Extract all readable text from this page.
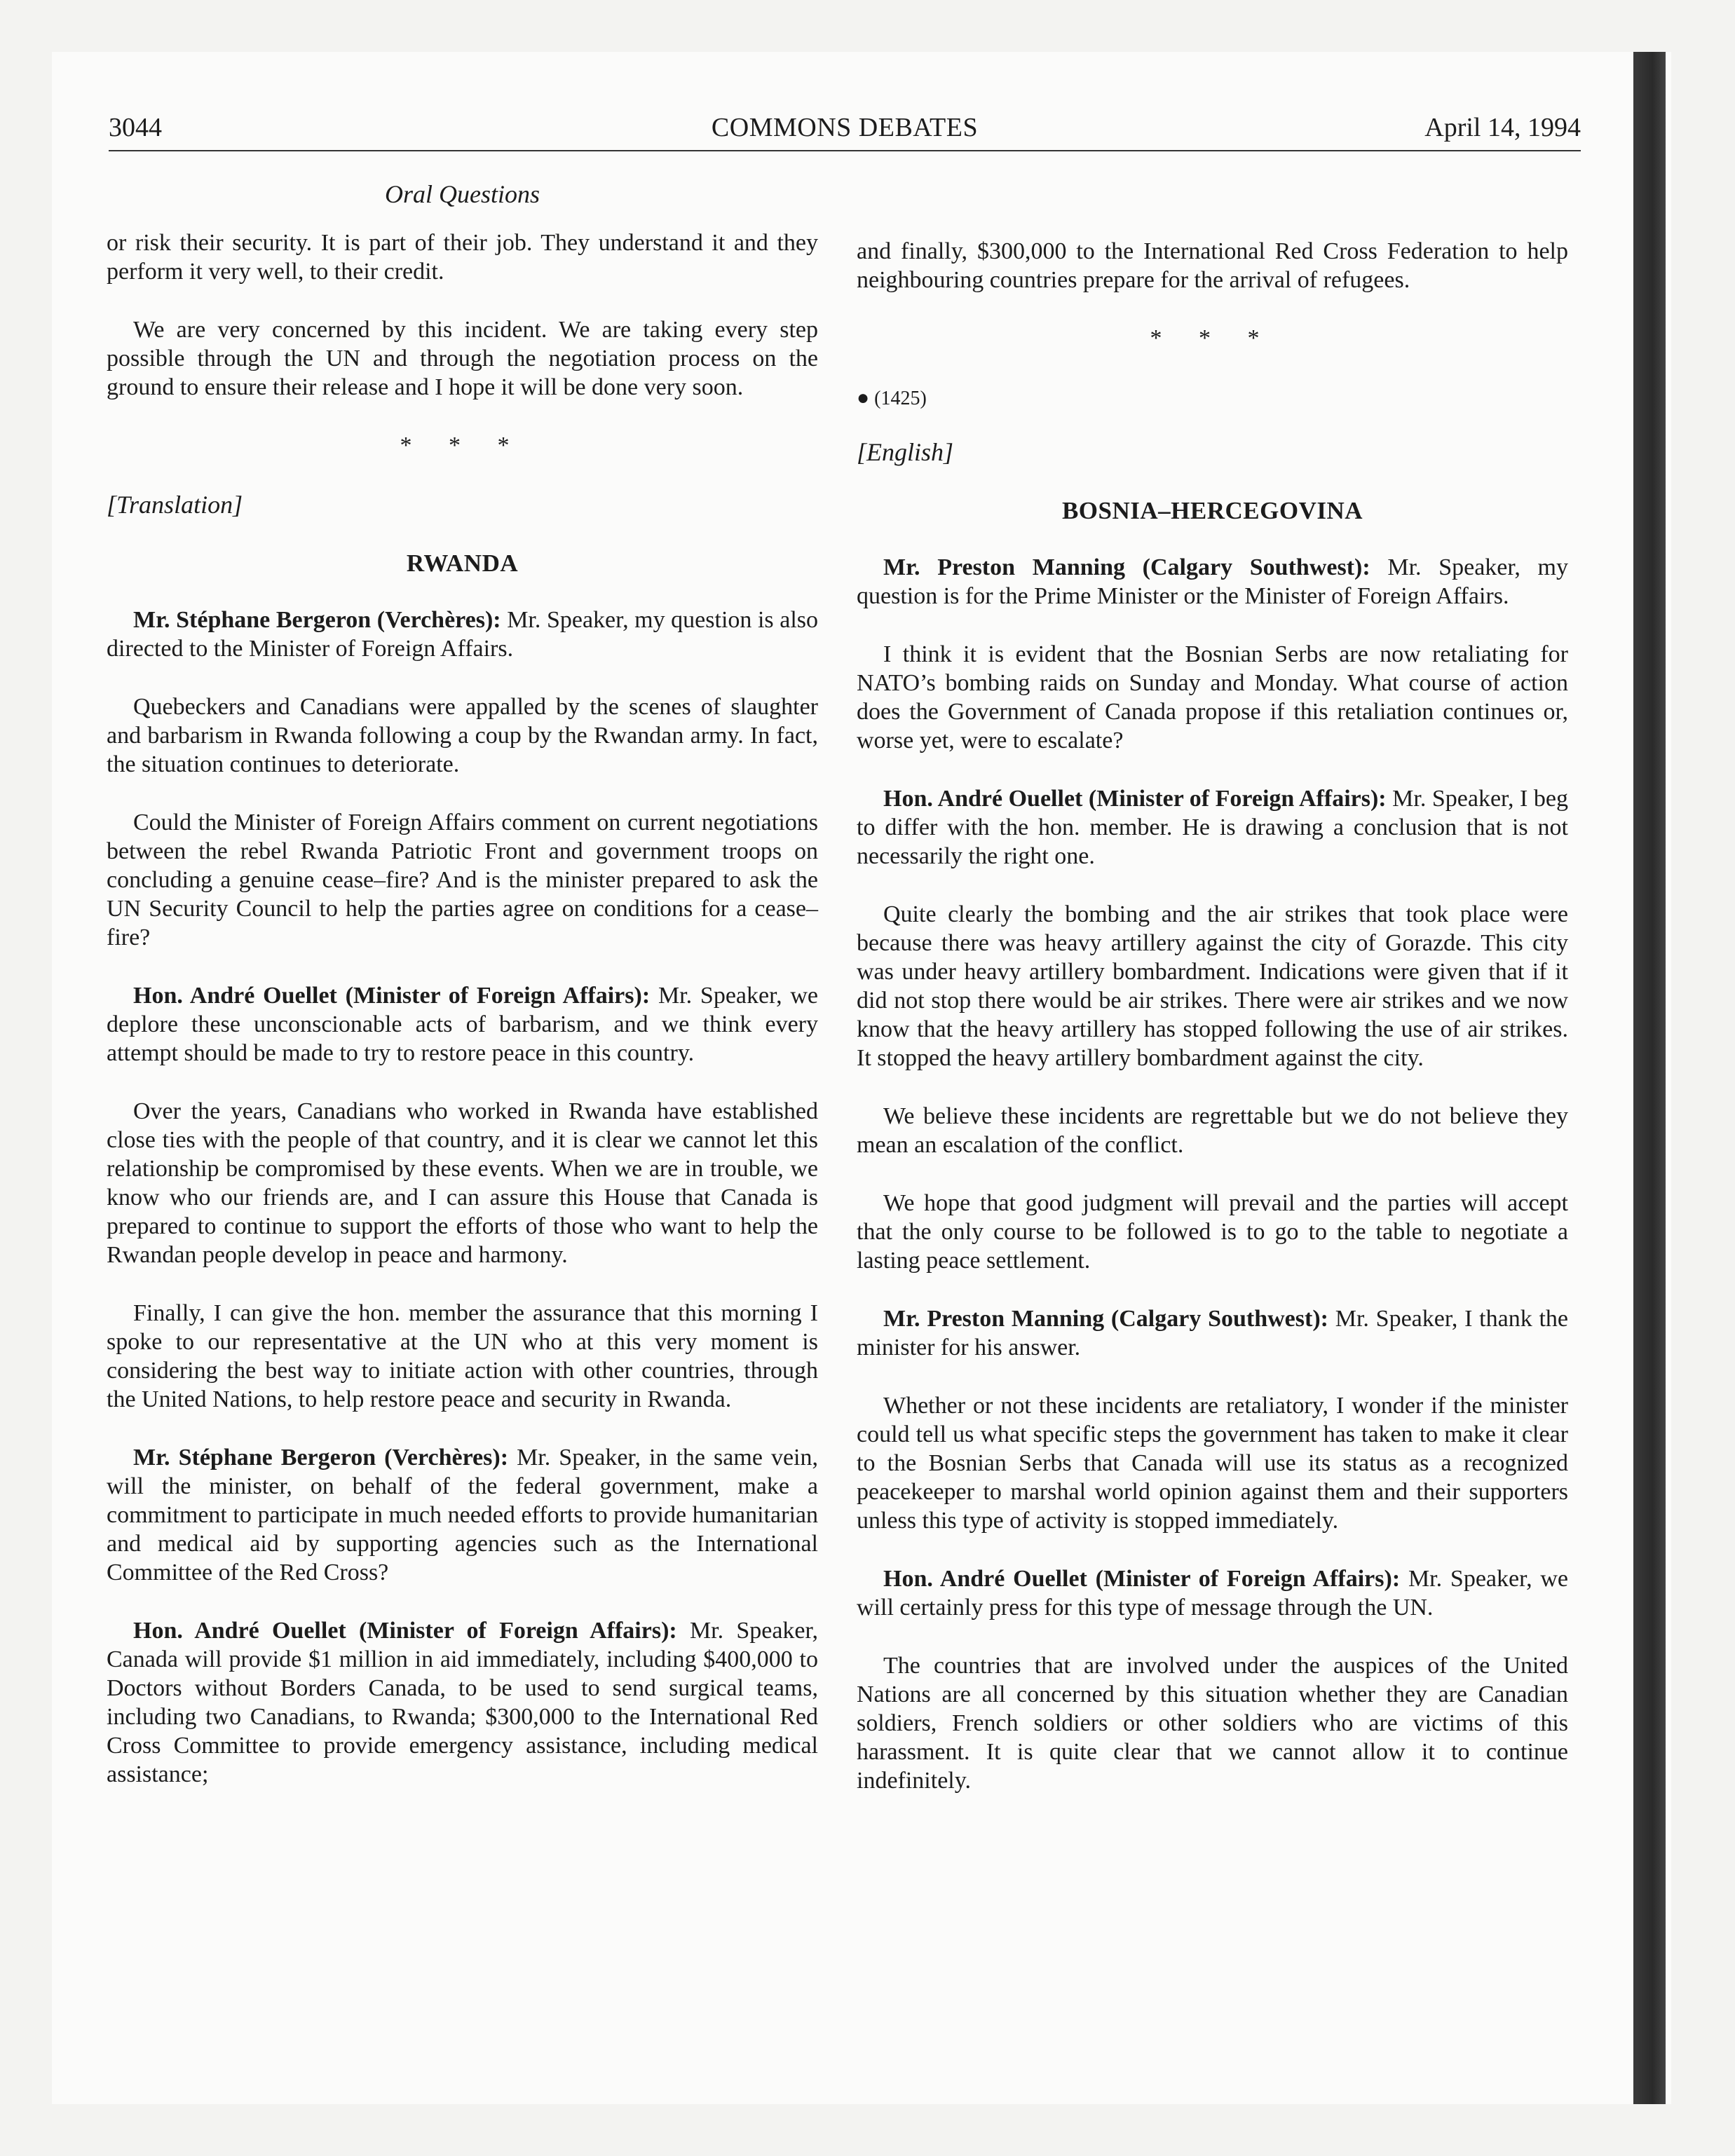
3044	COMMONS DEBATES	April 14, 1994
Oral Questions

or risk their security. It is part of their job. They understand it and they perform it very well, to their credit.

We are very concerned by this incident. We are taking every step possible through the UN and through the negotiation process on the ground to ensure their release and I hope it will be done very soon.

* * *
[Translation]
RWANDA

Mr. Stéphane Bergeron (Verchères): Mr. Speaker, my question is also directed to the Minister of Foreign Affairs.

Quebeckers and Canadians were appalled by the scenes of slaughter and barbarism in Rwanda following a coup by the Rwandan army. In fact, the situation continues to deteriorate.

Could the Minister of Foreign Affairs comment on current negotiations between the rebel Rwanda Patriotic Front and government troops on concluding a genuine cease–fire? And is the minister prepared to ask the UN Security Council to help the parties agree on conditions for a cease–fire?

Hon. André Ouellet (Minister of Foreign Affairs): Mr. Speaker, we deplore these unconscionable acts of barbarism, and we think every attempt should be made to try to restore peace in this country.

Over the years, Canadians who worked in Rwanda have established close ties with the people of that country, and it is clear we cannot let this relationship be compromised by these events. When we are in trouble, we know who our friends are, and I can assure this House that Canada is prepared to continue to support the efforts of those who want to help the Rwandan people develop in peace and harmony.

Finally, I can give the hon. member the assurance that this morning I spoke to our representative at the UN who at this very moment is considering the best way to initiate action with other countries, through the United Nations, to help restore peace and security in Rwanda.

Mr. Stéphane Bergeron (Verchères): Mr. Speaker, in the same vein, will the minister, on behalf of the federal government, make a commitment to participate in much needed efforts to provide humanitarian and medical aid by supporting agencies such as the International Committee of the Red Cross?

Hon. André Ouellet (Minister of Foreign Affairs): Mr. Speaker, Canada will provide $1 million in aid immediately, including $400,000 to Doctors without Borders Canada, to be used to send surgical teams, including two Canadians, to Rwanda; $300,000 to the International Red Cross Committee to provide emergency assistance, including medical assistance;

and finally, $300,000 to the International Red Cross Federation to help neighbouring countries prepare for the arrival of refugees.

* * *
● (1425)
[English]
BOSNIA–HERCEGOVINA

Mr. Preston Manning (Calgary Southwest): Mr. Speaker, my question is for the Prime Minister or the Minister of Foreign Affairs.

I think it is evident that the Bosnian Serbs are now retaliating for NATO’s bombing raids on Sunday and Monday. What course of action does the Government of Canada propose if this retaliation continues or, worse yet, were to escalate?

Hon. André Ouellet (Minister of Foreign Affairs): Mr. Speaker, I beg to differ with the hon. member. He is drawing a conclusion that is not necessarily the right one.

Quite clearly the bombing and the air strikes that took place were because there was heavy artillery against the city of Gorazde. This city was under heavy artillery bombardment. Indications were given that if it did not stop there would be air strikes. There were air strikes and we now know that the heavy artillery has stopped following the use of air strikes. It stopped the heavy artillery bombardment against the city.

We believe these incidents are regrettable but we do not believe they mean an escalation of the conflict.

We hope that good judgment will prevail and the parties will accept that the only course to be followed is to go to the table to negotiate a lasting peace settlement.

Mr. Preston Manning (Calgary Southwest): Mr. Speaker, I thank the minister for his answer.

Whether or not these incidents are retaliatory, I wonder if the minister could tell us what specific steps the government has taken to make it clear to the Bosnian Serbs that Canada will use its status as a recognized peacekeeper to marshal world opinion against them and their supporters unless this type of activity is stopped immediately.

Hon. André Ouellet (Minister of Foreign Affairs): Mr. Speaker, we will certainly press for this type of message through the UN.

The countries that are involved under the auspices of the United Nations are all concerned by this situation whether they are Canadian soldiers, French soldiers or other soldiers who are victims of this harassment. It is quite clear that we cannot allow it to continue indefinitely.
